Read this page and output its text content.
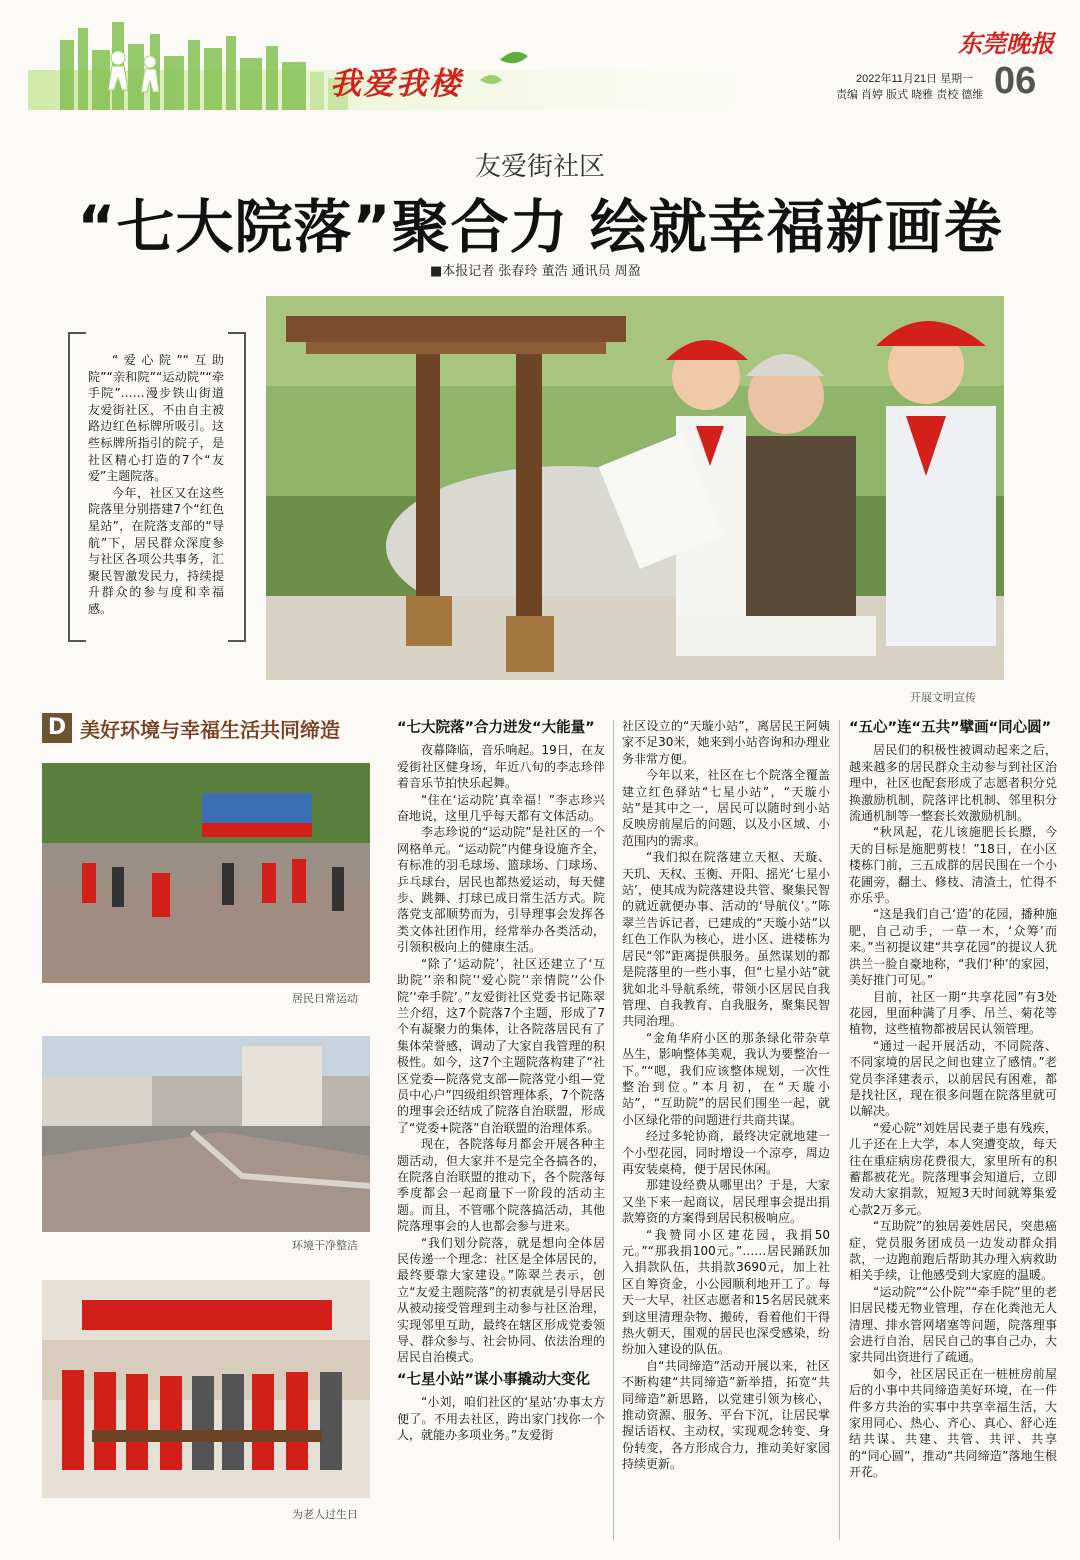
我爱我楼
东莞晚报
2022年11月21日 星期一
责编 肖婷 版式 晓雅 责校 德维 06
友爱街社区
“七大院落”聚合力 绘就幸福新画卷
■本报记者 张春玲 董浩 通讯员 周盈

“爱心院”“互助院”“亲和院”“运动院”“牵手院”……漫步铁山街道友爱街社区，不由自主被路边红色标牌所吸引。这些标牌所指引的院子，是社区精心打造的7个“友爱”主题院落。

今年，社区又在这些院落里分别搭建7个“红色星站”，在院落支部的“导航”下，居民群众深度参与社区各项公共事务，汇聚民智激发民力，持续提升群众的参与度和幸福感。

开展文明宣传
D 美好环境与幸福生活共同缔造
居民日常运动
环境干净整洁
为老人过生日
“七大院落”合力迸发“大能量”

夜幕降临，音乐响起。19日，在友爱街社区健身场，年近八旬的李志珍伴着音乐节拍快乐起舞。

“住在‘运动院’真幸福！”李志珍兴奋地说，这里几乎每天都有文体活动。

李志珍说的“运动院”是社区的一个网格单元。“运动院”内健身设施齐全，有标准的羽毛球场、篮球场、门球场、乒乓球台，居民也都热爱运动，每天健步、跳舞、打球已成日常生活方式。院落党支部顺势而为，引导理事会发挥各类文体社团作用，经常举办各类活动，引领积极向上的健康生活。

“除了‘运动院’，社区还建立了‘互助院’‘亲和院’‘爱心院’‘亲情院’‘公仆院’‘牵手院’。”友爱街社区党委书记陈翠兰介绍，这7个院落7个主题，形成了7个有凝聚力的集体，让各院落居民有了集体荣誉感，调动了大家自我管理的积极性。如今，这7个主题院落构建了“社区党委—院落党支部—院落党小组—党员中心户”四级组织管理体系，7个院落的理事会还结成了院落自治联盟，形成了“党委+院落”自治联盟的治理体系。

现在，各院落每月都会开展各种主题活动，但大家并不是完全各搞各的，在院落自治联盟的推动下，各个院落每季度都会一起商量下一阶段的活动主题。而且，不管哪个院落搞活动，其他院落理事会的人也都会参与进来。

“我们划分院落，就是想向全体居民传递一个理念：社区是全体居民的，最终要靠大家建设。”陈翠兰表示，创立“友爱主题院落”的初衷就是引导居民从被动接受管理到主动参与社区治理，实现邻里互助，最终在辖区形成党委领导、群众参与、社会协同、依法治理的居民自治模式。

“七星小站”谋小事撬动大变化

“小刘，咱们社区的‘星站’办事太方便了。不用去社区，跨出家门找你一个人，就能办多项业务。”友爱街

社区设立的“天璇小站”，离居民王阿姨家不足30米，她来到小站咨询和办理业务非常方便。

今年以来，社区在七个院落全覆盖建立红色驿站“七星小站”，“天璇小站”是其中之一，居民可以随时到小站反映房前屋后的问题，以及小区域、小范围内的需求。

“我们拟在院落建立天枢、天璇、天玑、天权、玉衡、开阳、摇光‘七星小站’，使其成为院落建设共管、聚集民智的就近就便办事、活动的‘导航仪’。”陈翠兰告诉记者，已建成的“天璇小站”以红色工作队为核心，进小区、进楼栋为居民“邻”距离提供服务。虽然谋划的都是院落里的一些小事，但“七星小站”就犹如北斗导航系统，带领小区居民自我管理、自我教育、自我服务，聚集民智共同治理。

“金角华府小区的那条绿化带杂草丛生，影响整体美观，我认为要整治一下。”“嗯，我们应该整体规划，一次性整治到位。”本月初，在“天璇小站”，“互助院”的居民们围坐一起，就小区绿化带的问题进行共商共谋。

经过多轮协商，最终决定就地建一个小型花园，同时增设一个凉亭，周边再安装桌椅，便于居民休闲。

那建设经费从哪里出？于是，大家又坐下来一起商议，居民理事会提出捐款筹资的方案得到居民积极响应。

“我赞同小区建花园，我捐50元。”“那我捐100元。”……居民踊跃加入捐款队伍，共捐款3690元，加上社区自筹资金，小公园顺利地开工了。每天一大早，社区志愿者和15名居民就来到这里清理杂物、搬砖，看着他们干得热火朝天，围观的居民也深受感染，纷纷加入建设的队伍。

自“共同缔造”活动开展以来，社区不断构建“共同缔造”新举措，拓宽“共同缔造”新思路，以党建引领为核心，推动资源、服务、平台下沉，让居民掌握话语权、主动权，实现观念转变、身份转变，各方形成合力，推动美好家园持续更新。

“五心”连“五共”擘画“同心圆”

居民们的积极性被调动起来之后，越来越多的居民群众主动参与到社区治理中，社区也配套形成了志愿者积分兑换激励机制，院落评比机制、邻里积分流通机制等一整套长效激励机制。

“秋风起，花儿该施肥长长膘，今天的目标是施肥剪枝！”18日，在小区楼栋门前，三五成群的居民围在一个小花圃旁，翻土、修枝、清渣土，忙得不亦乐乎。

“这是我们自己‘造’的花园，播种施肥，自己动手，一草一木，‘众筹’而来。”当初提议建“共享花园”的提议人犹洪兰一脸自豪地称，“我们‘种’的家园，美好推门可见。”

目前，社区一期“共享花园”有3处花园，里面种满了月季、吊兰、菊花等植物，这些植物都被居民认领管理。

“通过一起开展活动，不同院落、不同家境的居民之间也建立了感情。”老党员李泽建表示，以前居民有困难，都是找社区，现在很多问题在院落里就可以解决。

“爱心院”刘姓居民妻子患有残疾，儿子还在上大学，本人突遭变故，每天往在重症病房花费很大，家里所有的积蓄都被花光。院落理事会知道后，立即发动大家捐款，短短3天时间就筹集爱心款2万多元。

“互助院”的独居姜姓居民，突患癌症，党员服务团成员一边发动群众捐款，一边跑前跑后帮助其办理入病救助相关手续，让他感受到大家庭的温暖。

“运动院”“公仆院”“牵手院”里的老旧居民楼无物业管理，存在化粪池无人清理、排水管网堵塞等问题，院落理事会进行自治，居民自己的事自己办，大家共同出资进行了疏通。

如今，社区居民正在一桩桩房前屋后的小事中共同缔造美好环境，在一件件多方共治的实事中共享幸福生活，大家用同心、热心、齐心、真心、舒心连结共谋、共建、共管、共评、共享的“同心圆”，推动“共同缔造”落地生根开花。
